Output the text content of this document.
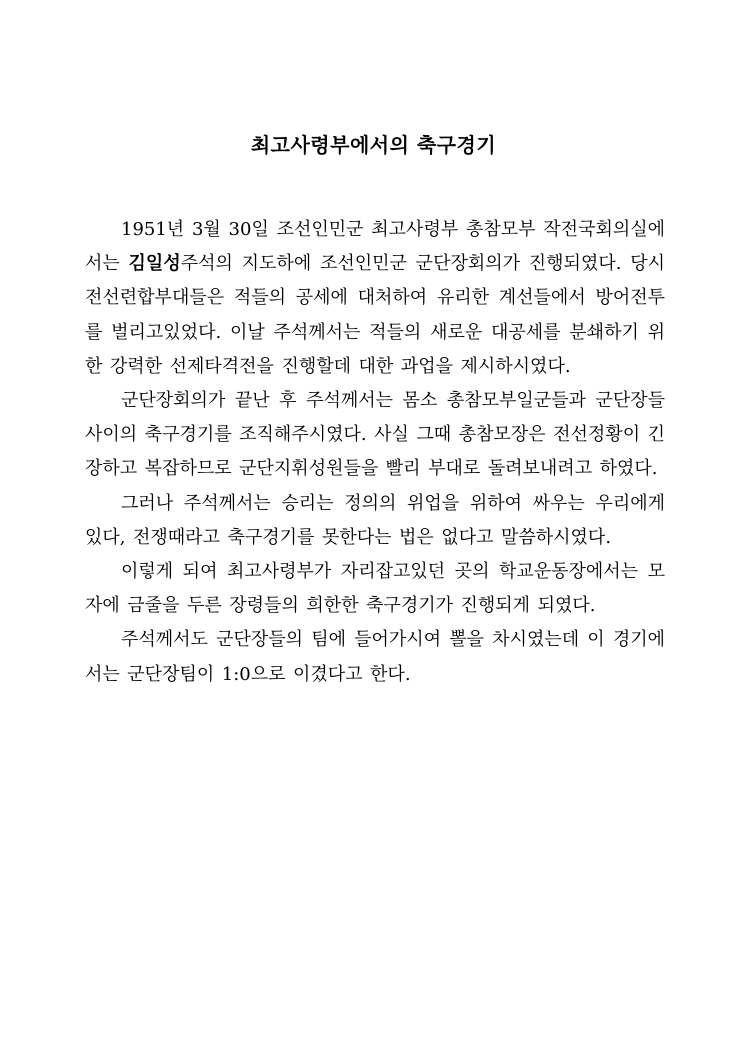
최고사령부에서의 축구경기

1951년 3월 30일 조선인민군 최고사령부 총참모부 작전국회의실에서는 김일성주석의 지도하에 조선인민군 군단장회의가 진행되였다. 당시 전선련합부대들은 적들의 공세에 대처하여 유리한 계선들에서 방어전투를 벌리고있었다. 이날 주석께서는 적들의 새로운 대공세를 분쇄하기 위한 강력한 선제타격전을 진행할데 대한 과업을 제시하시였다.

군단장회의가 끝난 후 주석께서는 몸소 총참모부일군들과 군단장들 사이의 축구경기를 조직해주시였다. 사실 그때 총참모장은 전선정황이 긴장하고 복잡하므로 군단지휘성원들을 빨리 부대로 돌려보내려고 하였다.

그러나 주석께서는 승리는 정의의 위업을 위하여 싸우는 우리에게 있다, 전쟁때라고 축구경기를 못한다는 법은 없다고 말씀하시였다.

이렇게 되여 최고사령부가 자리잡고있던 곳의 학교운동장에서는 모자에 금줄을 두른 장령들의 희한한 축구경기가 진행되게 되였다.

주석께서도 군단장들의 팀에 들어가시여 뽈을 차시였는데 이 경기에서는 군단장팀이 1:0으로 이겼다고 한다.
